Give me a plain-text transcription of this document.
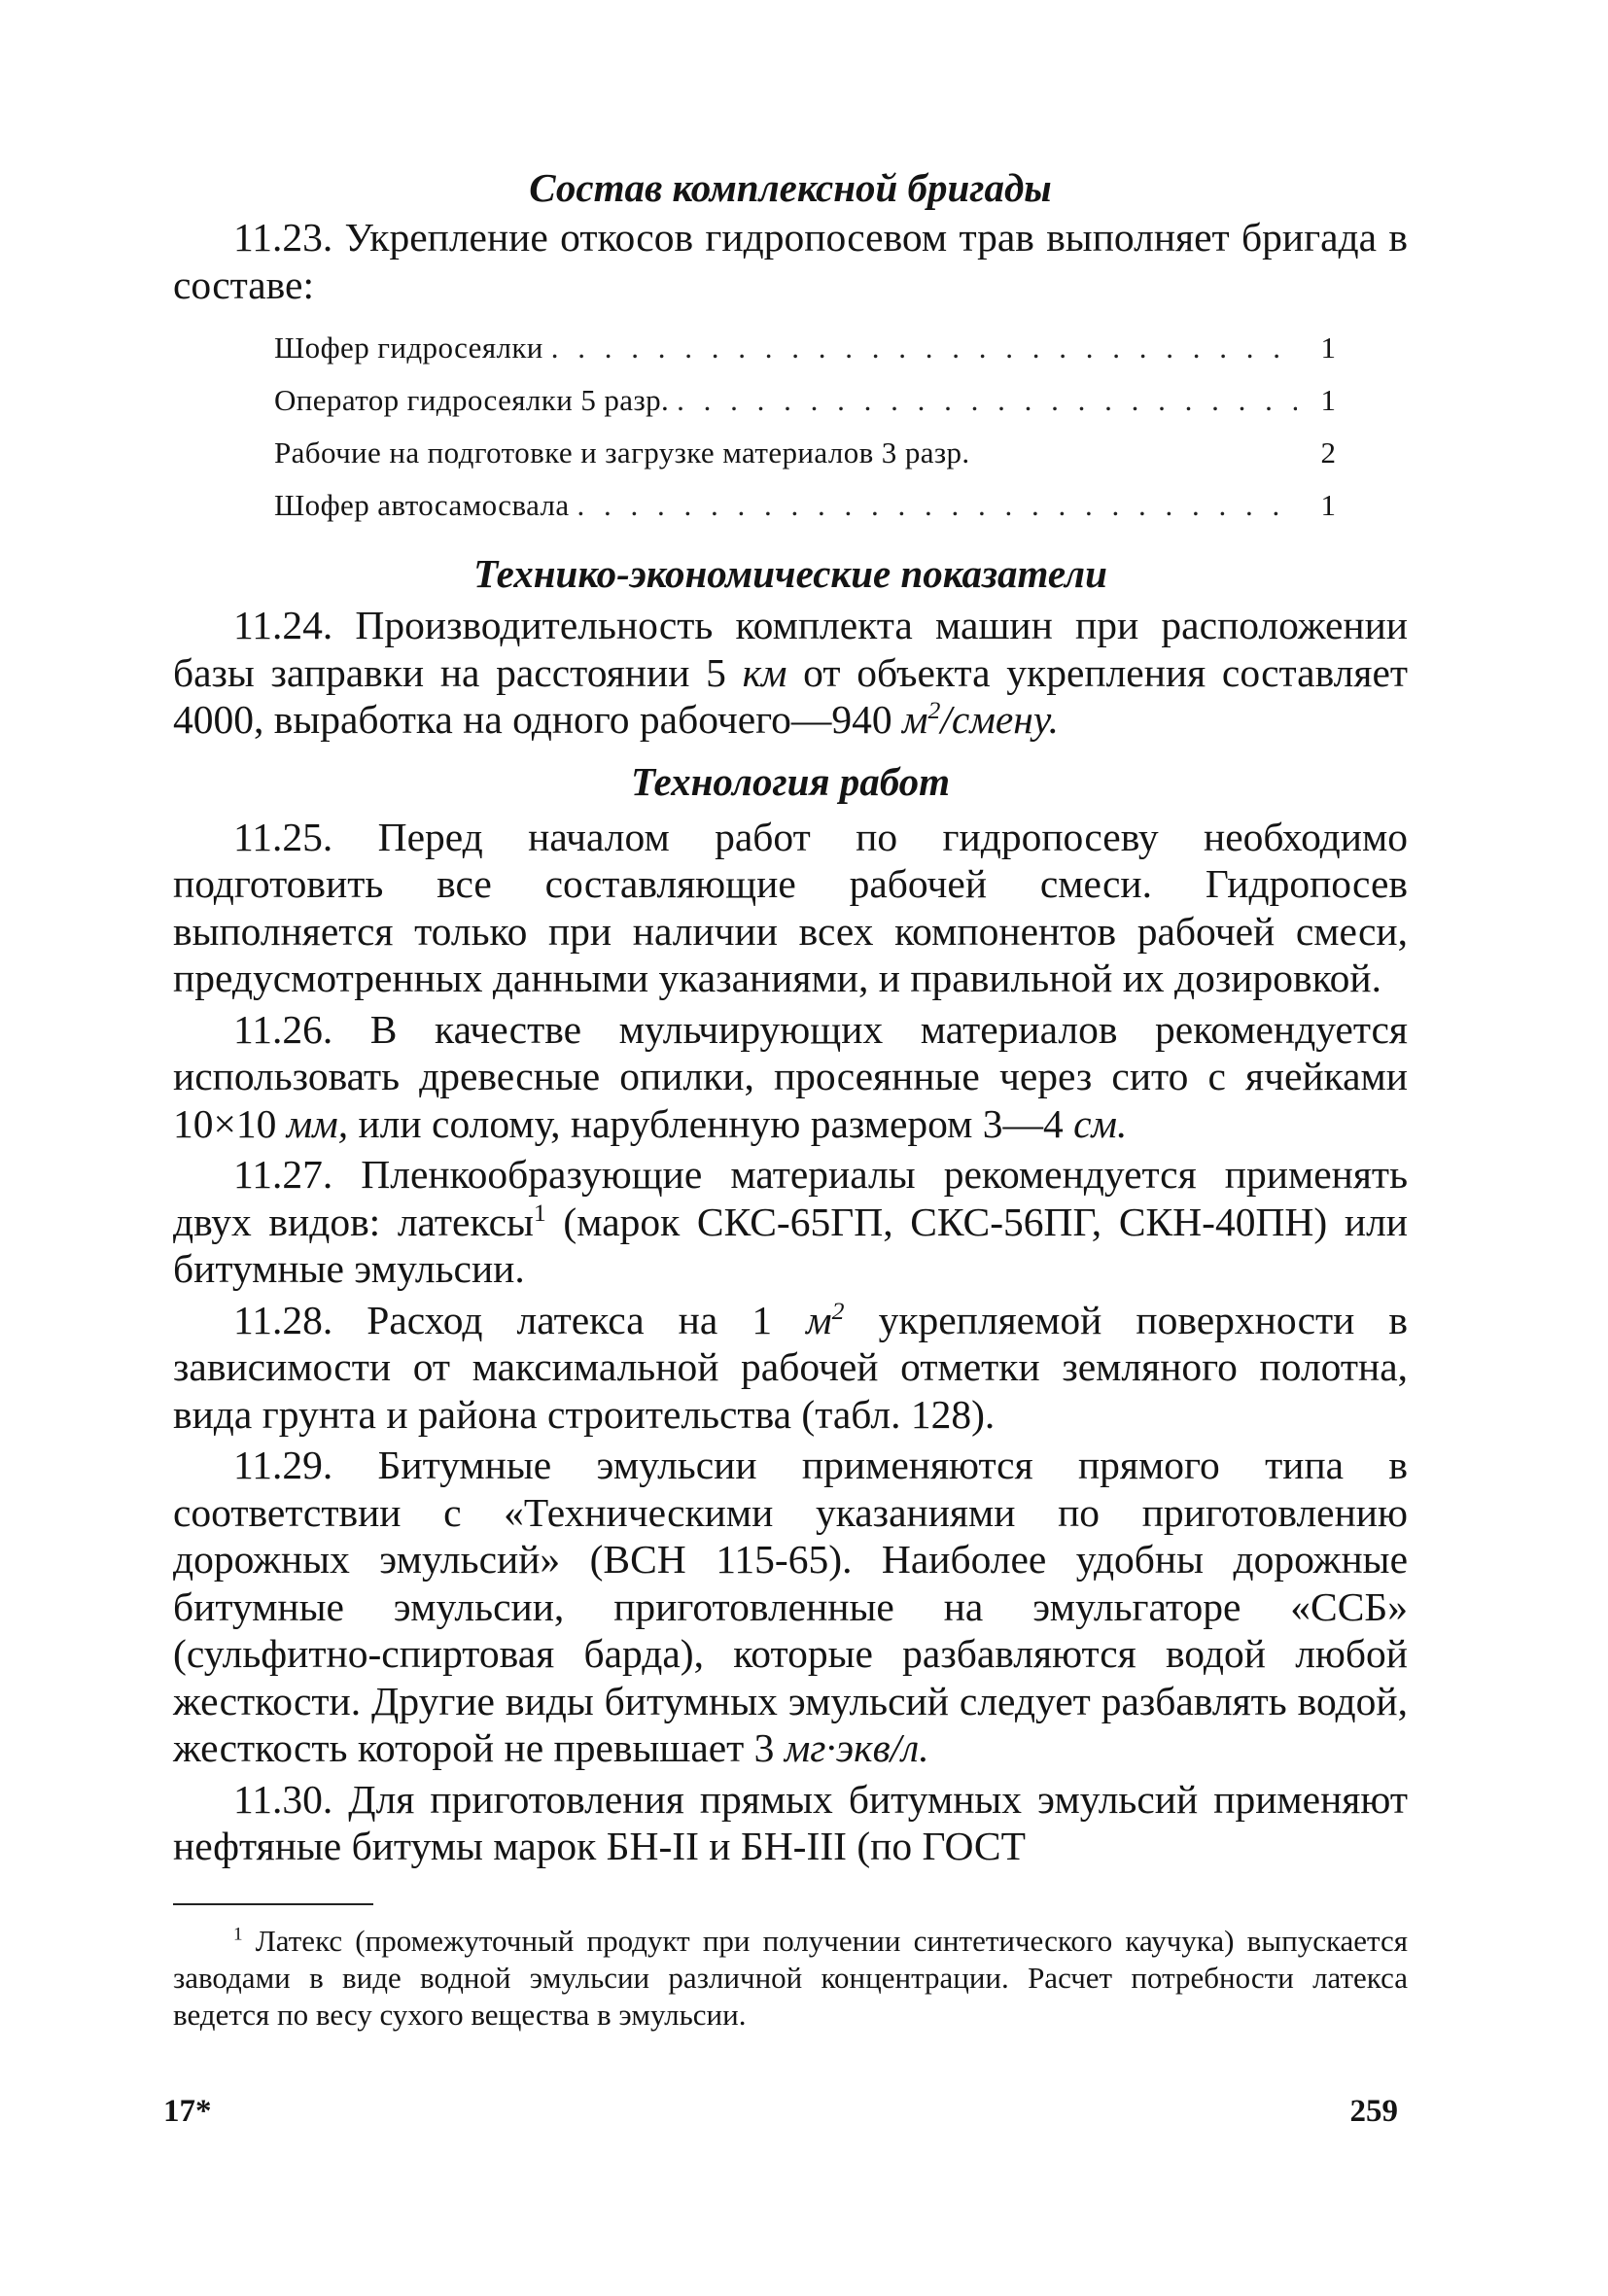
Состав комплексной бригады

11.23. Укрепление откосов гидропосевом трав выполняет бригада в составе:

Шофер гидросеялки . . .	1
Оператор гидросеялки 5 разр. . . .	1
Рабочие на подготовке и загрузке материалов 3 разр.	2
Шофер автосамосвала . . .	1
Технико-экономические показатели

11.24. Производительность комплекта машин при расположении базы заправки на расстоянии 5 км от объекта укрепления составляет 4000, выработка на одного рабочего—940 $м^2$/смену.

Технология работ

11.25. Перед началом работ по гидропосеву необходимо подготовить все составляющие рабочей смеси. Гидропосев выполняется только при наличии всех компонентов рабочей смеси, предусмотренных данными указаниями, и правильной их дозировкой.

11.26. В качестве мульчирующих материалов рекомендуется использовать древесные опилки, просеянные через сито с ячейками 10×10 мм, или солому, нарубленную размером 3—4 см.

11.27. Пленкообразующие материалы рекомендуется применять двух видов: латексы$^1$ (марок СКС-65ГП, СКС-56ПГ, СКН-40ПН) или битумные эмульсии.

11.28. Расход латекса на 1 $м^2$ укрепляемой поверхности в зависимости от максимальной рабочей отметки земляного полотна, вида грунта и района строительства (табл. 128).

11.29. Битумные эмульсии применяются прямого типа в соответствии с «Техническими указаниями по приготовлению дорожных эмульсий» (ВСН 115-65). Наиболее удобны дорожные битумные эмульсии, приготовленные на эмульгаторе «ССБ» (сульфитно-спиртовая барда), которые разбавляются водой любой жесткости. Другие виды битумных эмульсий следует разбавлять водой, жесткость которой не превышает 3 мг·экв/л.

11.30. Для приготовления прямых битумных эмульсий применяют нефтяные битумы марок БН-II и БН-III (по ГОСТ

$^1$ Латекс (промежуточный продукт при получении синтетического каучука) выпускается заводами в виде водной эмульсии различной концентрации. Расчет потребности латекса ведется по весу сухого вещества в эмульсии.

17*	259
